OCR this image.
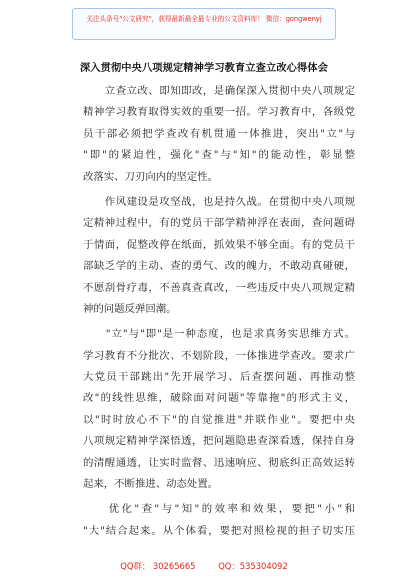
关注头条号"公文研究"，获得最新最全最专业的公文资料库！ 微信：gongwenyj
深入贯彻中央八项规定精神学习教育立查立改心得体会
　　立查立改、即知即改，是确保深入贯彻中央八项规定
精神学习教育取得实效的重要一招。学习教育中，各级党
员干部必须把学查改有机贯通一体推进，突出"立"与
"即"的紧迫性，强化"查"与"知"的能动性，彰显整
改落实、刀刃向内的坚定性。
　　作风建设是攻坚战，也是持久战。在贯彻中央八项规
定精神过程中，有的党员干部学精神浮在表面，查问题碍
于情面，促整改停在纸面，抓效果不够全面。有的党员干
部缺乏学的主动、查的勇气、改的魄力，不敢动真碰硬，
不愿刮骨疗毒，不善真查真改，一些违反中央八项规定精
神的问题反弹回潮。
　　"立"与"即"是一种态度，也是求真务实思维方式。
学习教育不分批次、不划阶段，一体推进学查改。要求广
大党员干部跳出"先开展学习、后查摆问题、再推动整
改"的线性思维，破除面对问题"等靠拖"的形式主义，
以"时时放心不下"的自觉推进"并联作业"。要把中央
八项规定精神学深悟透，把问题隐患查深看透，保持自身
的清醒通透，让实时监督、迅速响应、彻底纠正高效运转
起来，不断推进、动态处置。
　　优化"查"与"知"的效率和效果，要把"小"和
"大"结合起来。从个体看，要把对照检视的担子切实压
QQ群： 30265665	QQ：535304092
